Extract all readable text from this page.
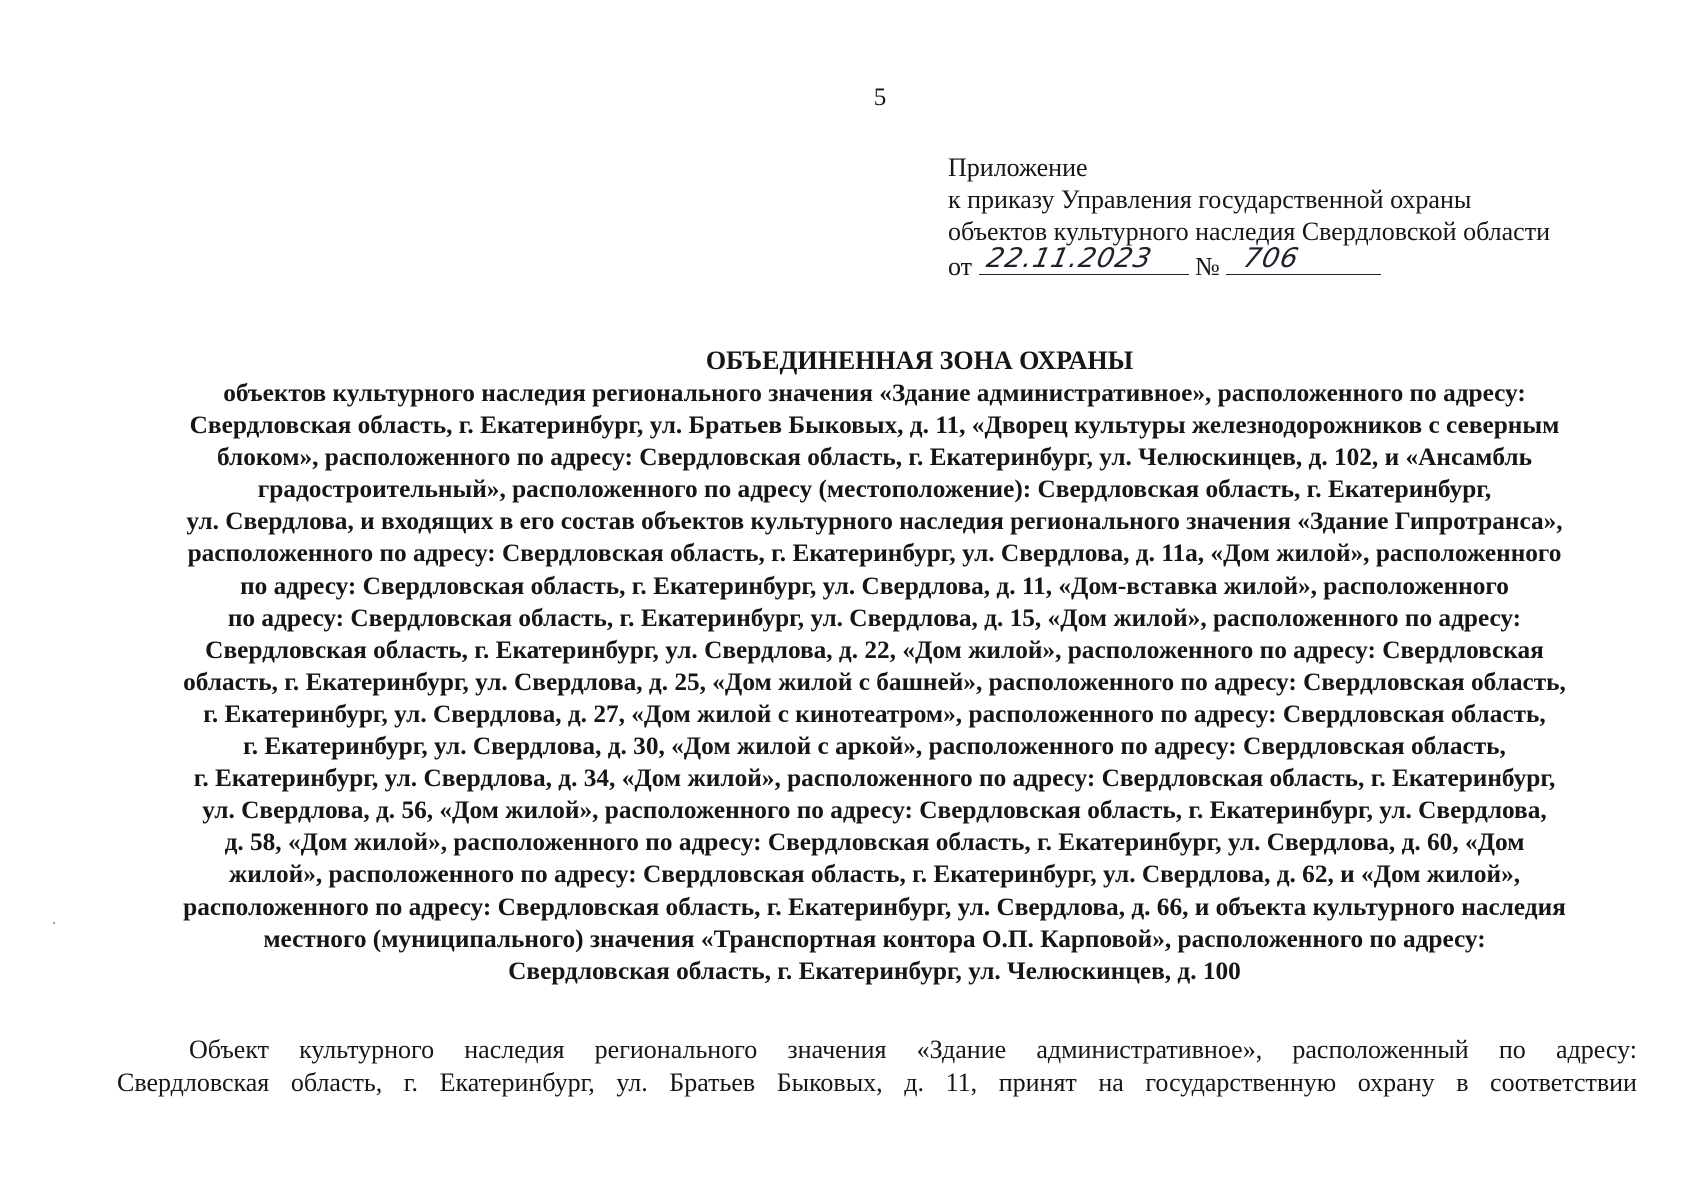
5
Приложение
к приказу Управления государственной охраны
объектов культурного наследия Свердловской области
от 22.11.2023 № 706
ОБЪЕДИНЕННАЯ ЗОНА ОХРАНЫ
объектов культурного наследия регионального значения «Здание административное», расположенного по адресу:
Свердловская область, г. Екатеринбург, ул. Братьев Быковых, д. 11, «Дворец культуры железнодорожников с северным
блоком», расположенного по адресу: Свердловская область, г. Екатеринбург, ул. Челюскинцев, д. 102, и «Ансамбль
градостроительный», расположенного по адресу (местоположение): Свердловская область, г. Екатеринбург,
ул. Свердлова, и входящих в его состав объектов культурного наследия регионального значения «Здание Гипротранса»,
расположенного по адресу: Свердловская область, г. Екатеринбург, ул. Свердлова, д. 11а, «Дом жилой», расположенного
по адресу: Свердловская область, г. Екатеринбург, ул. Свердлова, д. 11, «Дом-вставка жилой», расположенного
по адресу: Свердловская область, г. Екатеринбург, ул. Свердлова, д. 15, «Дом жилой», расположенного по адресу:
Свердловская область, г. Екатеринбург, ул. Свердлова, д. 22, «Дом жилой», расположенного по адресу: Свердловская
область, г. Екатеринбург, ул. Свердлова, д. 25, «Дом жилой с башней», расположенного по адресу: Свердловская область,
г. Екатеринбург, ул. Свердлова, д. 27, «Дом жилой с кинотеатром», расположенного по адресу: Свердловская область,
г. Екатеринбург, ул. Свердлова, д. 30, «Дом жилой с аркой», расположенного по адресу: Свердловская область,
г. Екатеринбург, ул. Свердлова, д. 34, «Дом жилой», расположенного по адресу: Свердловская область, г. Екатеринбург,
ул. Свердлова, д. 56, «Дом жилой», расположенного по адресу: Свердловская область, г. Екатеринбург, ул. Свердлова,
д. 58, «Дом жилой», расположенного по адресу: Свердловская область, г. Екатеринбург, ул. Свердлова, д. 60, «Дом
жилой», расположенного по адресу: Свердловская область, г. Екатеринбург, ул. Свердлова, д. 62, и «Дом жилой»,
расположенного по адресу: Свердловская область, г. Екатеринбург, ул. Свердлова, д. 66, и объекта культурного наследия
местного (муниципального) значения «Транспортная контора О.П. Карповой», расположенного по адресу:
Свердловская область, г. Екатеринбург, ул. Челюскинцев, д. 100
Объект культурного наследия регионального значения «Здание административное», расположенный по адресу:
Свердловская область, г. Екатеринбург, ул. Братьев Быковых, д. 11, принят на государственную охрану в соответствии
